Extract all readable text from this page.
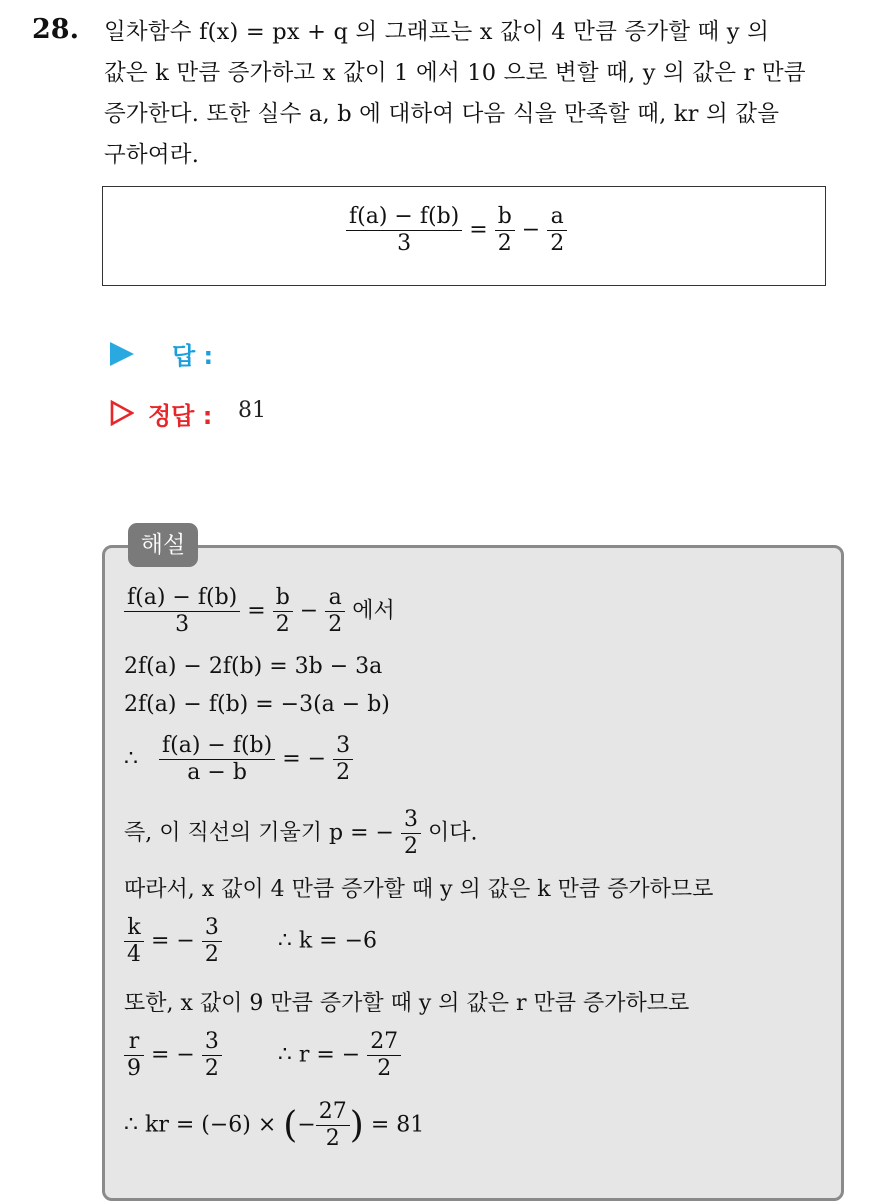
28. 일차함수 f(x) = px + q 의 그래프는 x 값이 4 만큼 증가할 때 y 의
값은 k 만큼 증가하고 x 값이 1 에서 10 으로 변할 때, y 의 값은 r 만큼
증가한다. 또한 실수 a, b 에 대하여 다음 식을 만족할 때, kr 의 값을
구하여라.
$\frac{f(a) - f(b)}{3} = \frac{b}{2} - \frac{a}{2}$
답 :
정답 : 81
해설
$\frac{f(a) - f(b)}{3} = \frac{b}{2} - \frac{a}{2}$ 에서
2f(a) − 2f(b) = 3b − 3a
2f(a) − f(b) = −3(a − b)
∴ $\frac{f(a) - f(b)}{a - b}$ = − $\frac{3}{2}$
즉, 이 직선의 기울기 p = − $\frac{3}{2}$ 이다.
따라서, x 값이 4 만큼 증가할 때 y 의 값은 k 만큼 증가하므로
$\frac{k}{4}$ = − $\frac{3}{2}$ ∴ k = −6
또한, x 값이 9 만큼 증가할 때 y 의 값은 r 만큼 증가하므로
$\frac{r}{9}$ = − $\frac{3}{2}$ ∴ r = − $\frac{27}{2}$
∴ kr = (−6) × (− $\frac{27}{2}$ ) = 81
